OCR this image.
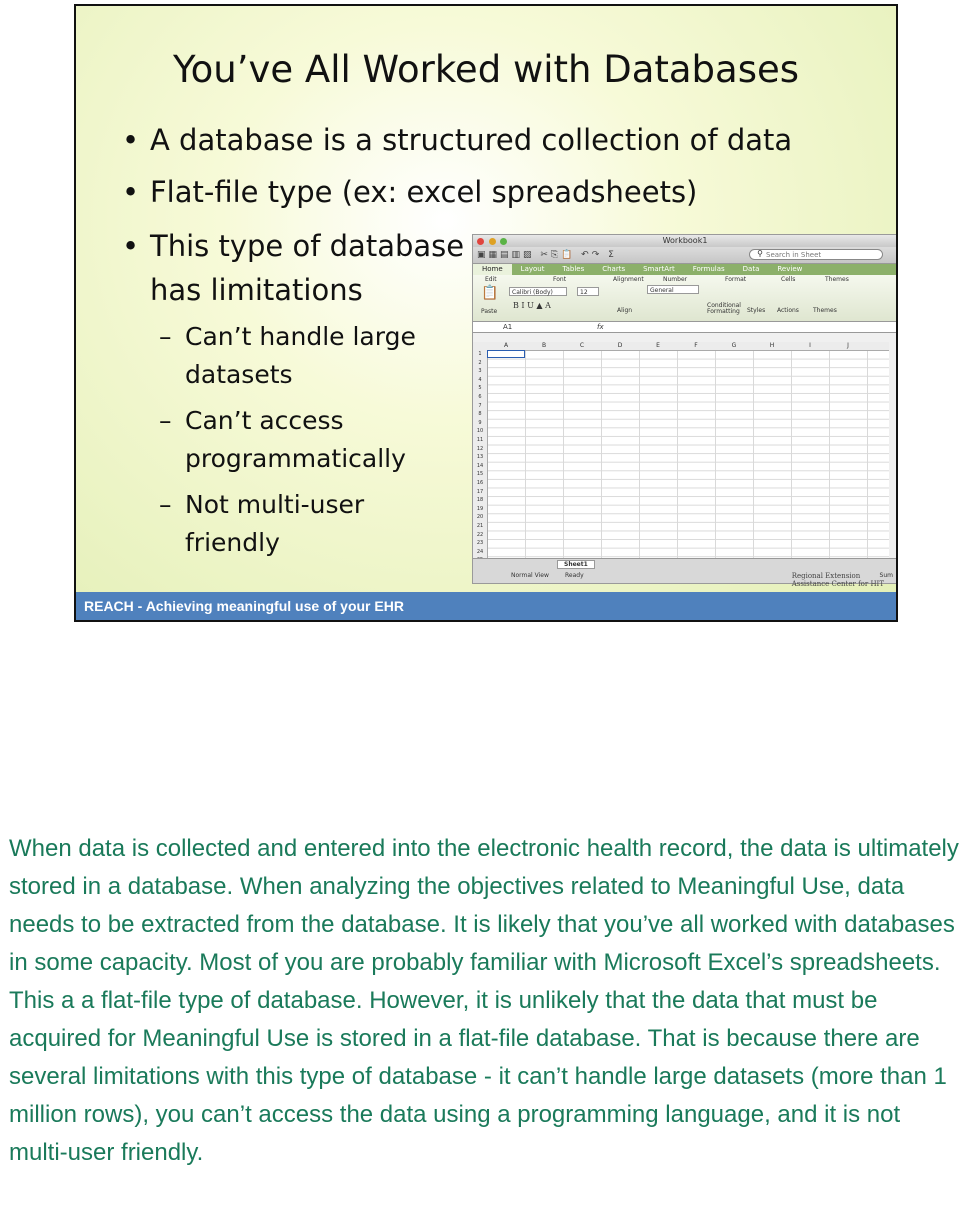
You’ve All Worked with Databases
• A database is a structured collection of data
• Flat-file type (ex: excel spreadsheets)
• This type of database
has limitations
– Can’t handle large
datasets
– Can’t access
programmatically
– Not multi-user
friendly

Workbook1
▣▦▤▥▨ ✂⎘📋 ↶↷ Σ	Search in Sheet
⚲
Home	Layout	Tables	Charts	SmartArt	Formulas	Data	Review
Edit	Font	Alignment	Number	Format	Cells	Themes
📋
Paste
Calibri (Body)	12
B I U ▲ A
Align
General
Conditional Formatting	Styles Actions Themes
A1	fx
A	B	C	D	E	F	G	H	I	J
1
2
3
4
5
6
7
8
9
10
11
12
13
14
15
16
17
18
19
20
21
22
23
24
Sheet1
Normal View	Ready	Sum
Regional Extension
Assistance Center for HIT
REACH - Achieving meaningful use of your EHR
When data is collected and entered into the electronic health record, the data is ultimately stored in a database. When analyzing the objectives related to Meaningful Use, data needs to be extracted from the database. It is likely that you’ve all worked with databases in some capacity. Most of you are probably familiar with Microsoft Excel’s spreadsheets. This a a flat-file type of database. However, it is unlikely that the data that must be acquired for Meaningful Use is stored in a flat-file database. That is because there are several limitations with this type of database - it can’t handle large datasets (more than 1 million rows), you can’t access the data using a programming language, and it is not multi-user friendly.
